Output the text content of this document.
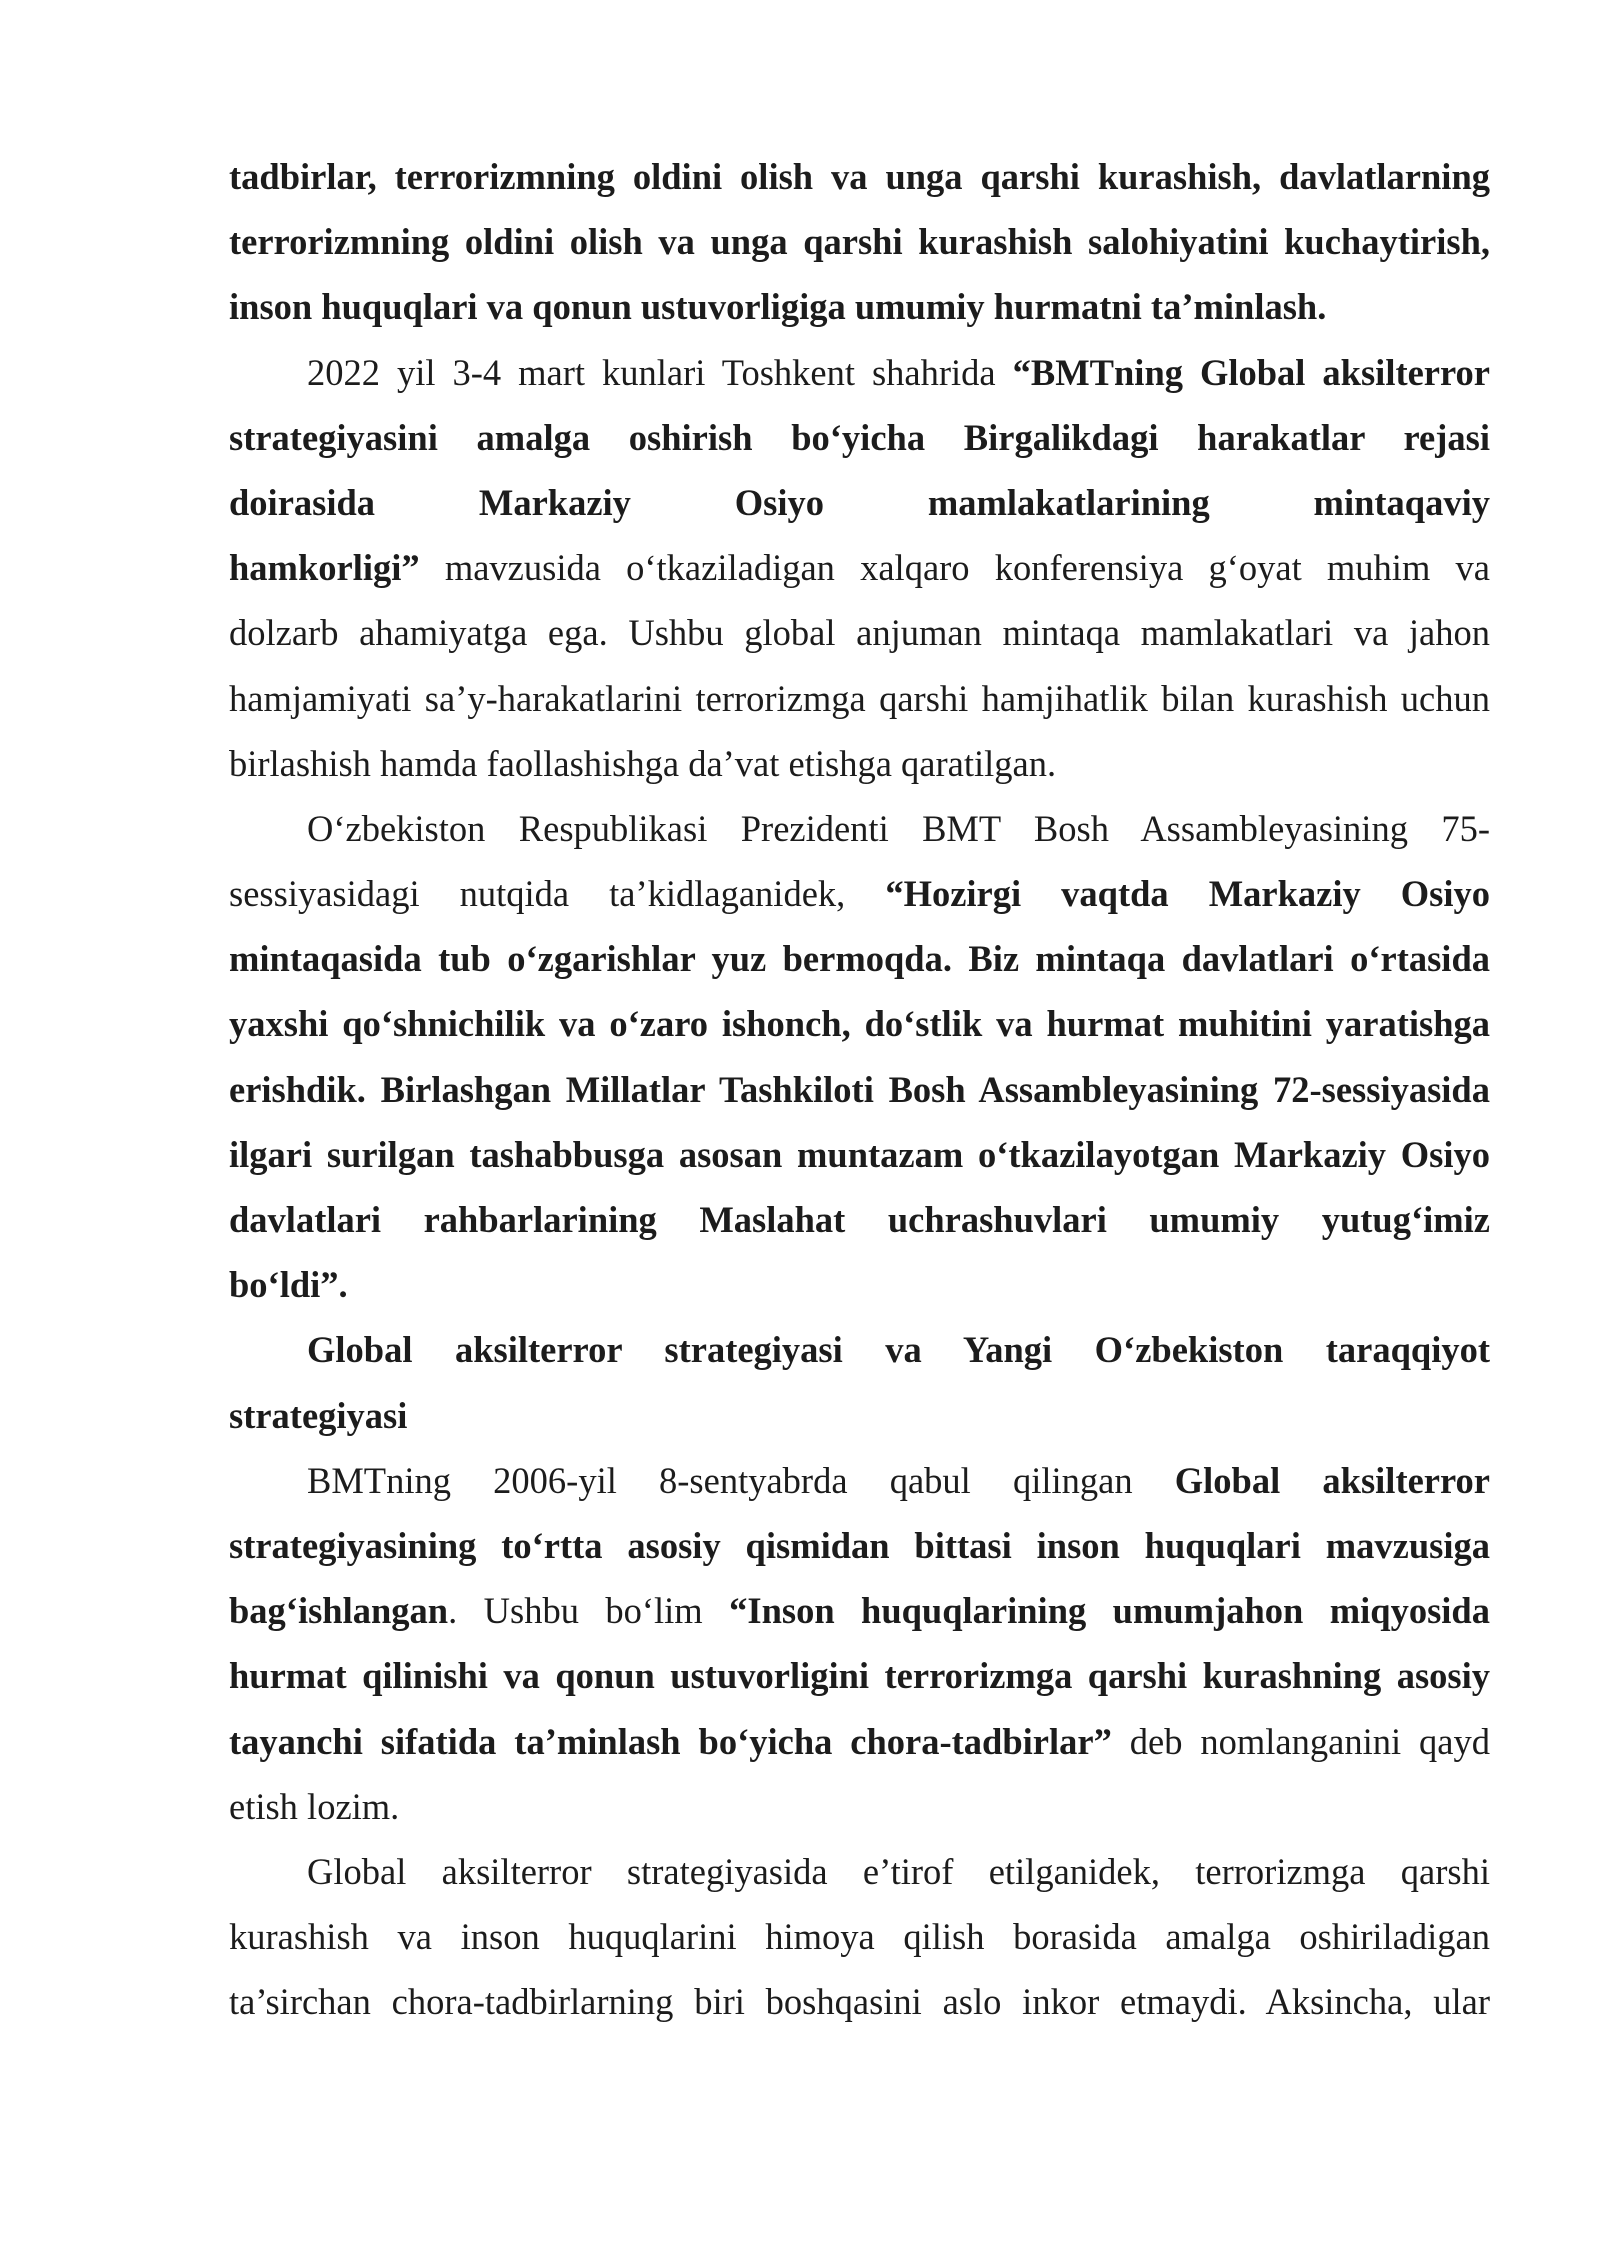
tadbirlar, terrorizmning oldini olish va unga qarshi kurashish, davlatlarning
terrorizmning oldini olish va unga qarshi kurashish salohiyatini kuchaytirish,
inson huquqlari va qonun ustuvorligiga umumiy hurmatni ta’minlash.
2022 yil 3-4 mart kunlari Toshkent shahrida “BMTning Global aksilterror
strategiyasini amalga oshirish bo‘yicha Birgalikdagi harakatlar rejasi
doirasida Markaziy Osiyo mamlakatlarining mintaqaviy
hamkorligi” mavzusida o‘tkaziladigan xalqaro konferensiya g‘oyat muhim va
dolzarb ahamiyatga ega. Ushbu global anjuman mintaqa mamlakatlari va jahon
hamjamiyati sa’y-harakatlarini terrorizmga qarshi hamjihatlik bilan kurashish uchun
birlashish hamda faollashishga da’vat etishga qaratilgan.
O‘zbekiston Respublikasi Prezidenti BMT Bosh Assambleyasining 75-
sessiyasidagi nutqida ta’kidlaganidek, “Hozirgi vaqtda Markaziy Osiyo
mintaqasida tub o‘zgarishlar yuz bermoqda. Biz mintaqa davlatlari o‘rtasida
yaxshi qo‘shnichilik va o‘zaro ishonch, do‘stlik va hurmat muhitini yaratishga
erishdik. Birlashgan Millatlar Tashkiloti Bosh Assambleyasining 72-sessiyasida
ilgari surilgan tashabbusga asosan muntazam o‘tkazilayotgan Markaziy Osiyo
davlatlari rahbarlarining Maslahat uchrashuvlari umumiy yutug‘imiz
bo‘ldi”.
Global aksilterror strategiyasi va Yangi O‘zbekiston taraqqiyot
strategiyasi
BMTning 2006-yil 8-sentyabrda qabul qilingan Global aksilterror
strategiyasining to‘rtta asosiy qismidan bittasi inson huquqlari mavzusiga
bag‘ishlangan. Ushbu bo‘lim “Inson huquqlarining umumjahon miqyosida
hurmat qilinishi va qonun ustuvorligini terrorizmga qarshi kurashning asosiy
tayanchi sifatida ta’minlash bo‘yicha chora-tadbirlar” deb nomlanganini qayd
etish lozim.
Global aksilterror strategiyasida e’tirof etilganidek, terrorizmga qarshi
kurashish va inson huquqlarini himoya qilish borasida amalga oshiriladigan
ta’sirchan chora-tadbirlarning biri boshqasini aslo inkor etmaydi. Aksincha, ular
